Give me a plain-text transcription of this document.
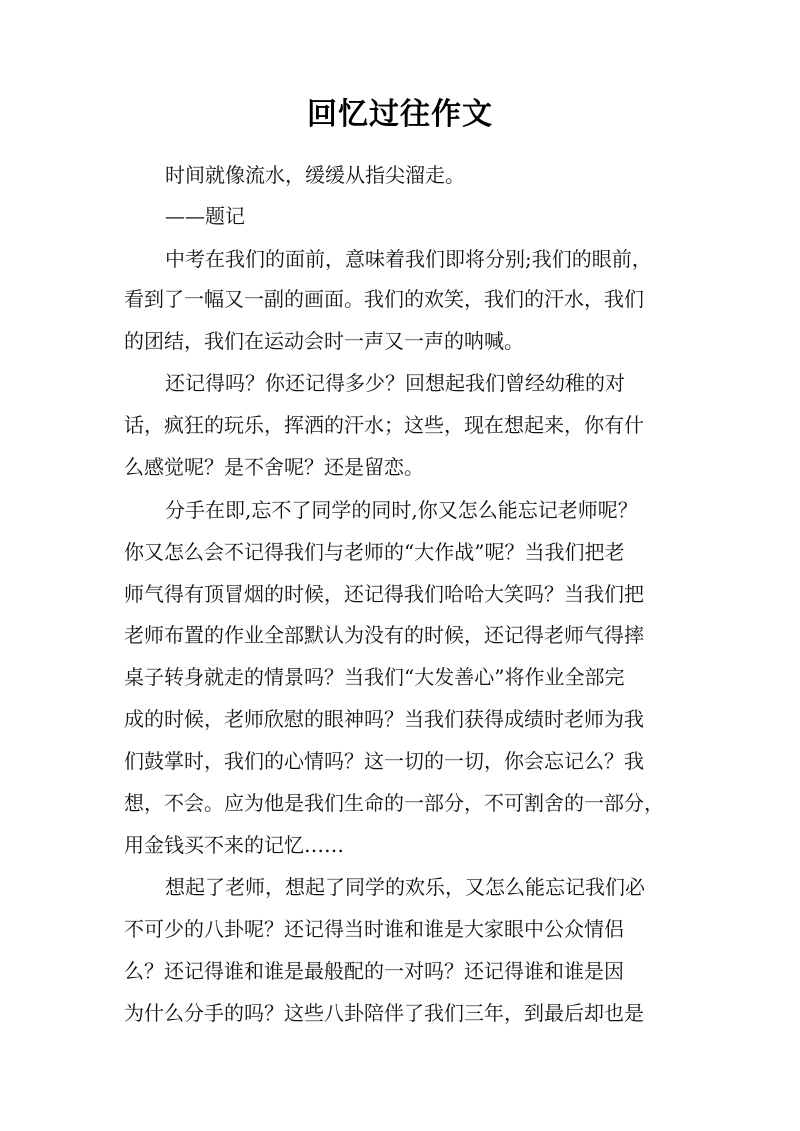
回忆过往作文
时间就像流水，缓缓从指尖溜走。
——题记
中考在我们的面前，意味着我们即将分别;我们的眼前，
看到了一幅又一副的画面。我们的欢笑，我们的汗水，我们
的团结，我们在运动会时一声又一声的呐喊。
还记得吗？你还记得多少？回想起我们曾经幼稚的对
话，疯狂的玩乐，挥洒的汗水；这些，现在想起来，你有什
么感觉呢？是不舍呢？还是留恋。
分手在即,忘不了同学的同时,你又怎么能忘记老师呢？
你又怎么会不记得我们与老师的“大作战”呢？当我们把老
师气得有顶冒烟的时候，还记得我们哈哈大笑吗？当我们把
老师布置的作业全部默认为没有的时候，还记得老师气得摔
桌子转身就走的情景吗？当我们“大发善心”将作业全部完
成的时候，老师欣慰的眼神吗？当我们获得成绩时老师为我
们鼓掌时，我们的心情吗？这一切的一切，你会忘记么？我
想，不会。应为他是我们生命的一部分，不可割舍的一部分，
用金钱买不来的记忆……
想起了老师，想起了同学的欢乐，又怎么能忘记我们必
不可少的八卦呢？还记得当时谁和谁是大家眼中公众情侣
么？还记得谁和谁是最般配的一对吗？还记得谁和谁是因
为什么分手的吗？这些八卦陪伴了我们三年，到最后却也是
